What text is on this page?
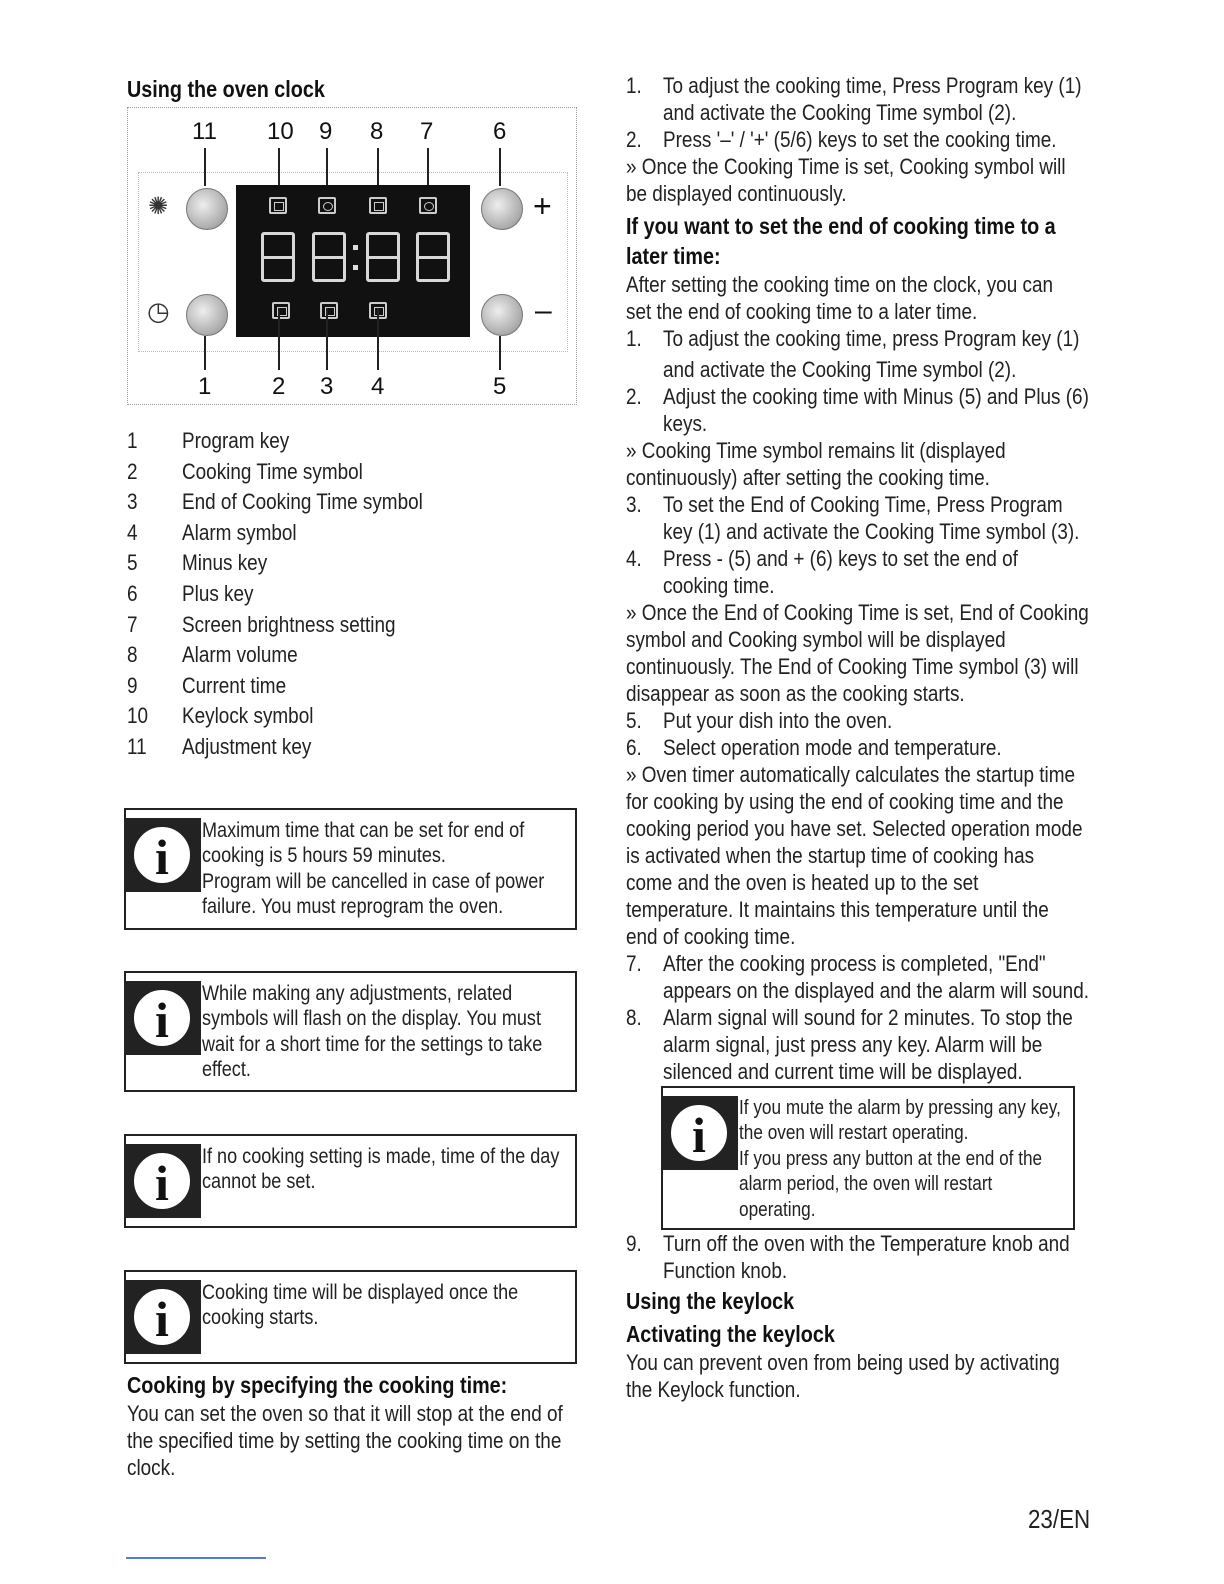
Using the oven clock
11 10 9 8 7 6
✺
◷
+
–
1	2 3 4	5
1 Program key
2 Cooking Time symbol
3 End of Cooking Time symbol
4 Alarm symbol
5 Minus key
6 Plus key
7 Screen brightness setting
8 Alarm volume
9 Current time
10 Keylock symbol
11 Adjustment key
i	Maximum time that can be set for end of
cooking is 5 hours 59 minutes.
Program will be cancelled in case of power
failure. You must reprogram the oven.
i	While making any adjustments, related
symbols will flash on the display. You must
wait for a short time for the settings to take
effect.
i	If no cooking setting is made, time of the day
cannot be set.
i	Cooking time will be displayed once the
cooking starts.
Cooking by specifying the cooking time:
You can set the oven so that it will stop at the end of
the specified time by setting the cooking time on the
clock.
1. To adjust the cooking time, Press Program key (1)
and activate the Cooking Time symbol (2).
2. Press '–' / '+' (5/6) keys to set the cooking time.
» Once the Cooking Time is set, Cooking symbol will
be displayed continuously.
If you want to set the end of cooking time to a
later time:
After setting the cooking time on the clock, you can
set the end of cooking time to a later time.
1. To adjust the cooking time, press Program key (1)
and activate the Cooking Time symbol (2).
2. Adjust the cooking time with Minus (5) and Plus (6)
keys.
» Cooking Time symbol remains lit (displayed
continuously) after setting the cooking time.
3. To set the End of Cooking Time, Press Program
key (1) and activate the Cooking Time symbol (3).
4. Press - (5) and + (6) keys to set the end of
cooking time.
» Once the End of Cooking Time is set, End of Cooking
symbol and Cooking symbol will be displayed
continuously. The End of Cooking Time symbol (3) will
disappear as soon as the cooking starts.
5. Put your dish into the oven.
6. Select operation mode and temperature.
» Oven timer automatically calculates the startup time
for cooking by using the end of cooking time and the
cooking period you have set. Selected operation mode
is activated when the startup time of cooking has
come and the oven is heated up to the set
temperature. It maintains this temperature until the
end of cooking time.
7. After the cooking process is completed, "End"
appears on the displayed and the alarm will sound.
8. Alarm signal will sound for 2 minutes. To stop the
alarm signal, just press any key. Alarm will be
silenced and current time will be displayed.
i	If you mute the alarm by pressing any key,
the oven will restart operating.
If you press any button at the end of the
alarm period, the oven will restart
operating.
9. Turn off the oven with the Temperature knob and
Function knob.
Using the keylock
Activating the keylock
You can prevent oven from being used by activating
the Keylock function.
23/EN
